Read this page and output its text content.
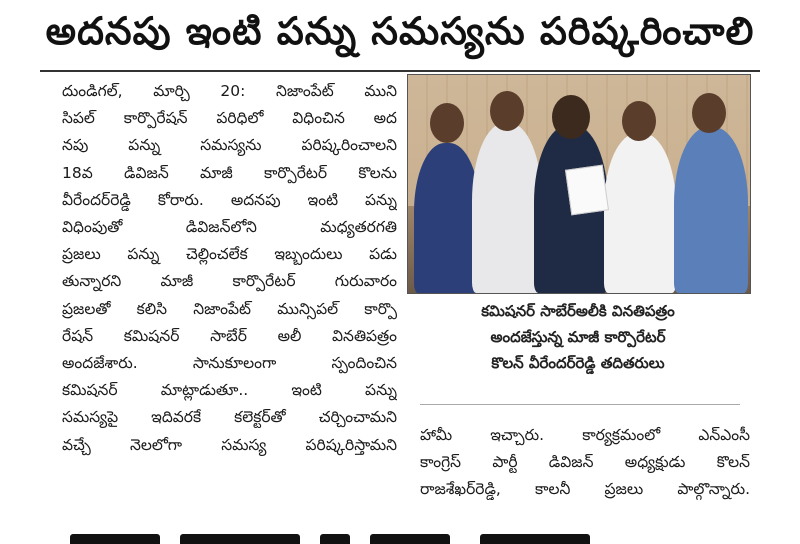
అదనపు ఇంటి పన్ను సమస్యను పరిష్కరించాలి

దుండిగల్, మార్చి 20: నిజాంపేట్ ముని

సిపల్ కార్పొరేషన్ పరిధిలో విధించిన అద

నపు పన్ను సమస్యను పరిష్కరించాలని

18వ డివిజన్ మాజీ కార్పొరేటర్ కొలను

వీరేందర్‌రెడ్డి కోరారు. అదనపు ఇంటి పన్ను

విధింపుతో డివిజన్‌లోని మధ్యతరగతి

ప్రజలు పన్ను చెల్లించలేక ఇబ్బందులు పడు

తున్నారని మాజీ కార్పొరేటర్ గురువారం

ప్రజలతో కలిసి నిజాంపేట్ మున్సిపల్ కార్పొ

రేషన్ కమిషనర్ సాబేర్ అలీ వినతిపత్రం

అందజేశారు. సానుకూలంగా స్పందించిన

కమిషనర్ మాట్లాడుతూ.. ఇంటి పన్ను

సమస్యపై ఇదివరకే కలెక్టర్‌తో చర్చించామని

వచ్చే నెలలోగా సమస్య పరిష్కరిస్తామని

కమిషనర్ సాబేర్‌అలీకి వినతిపత్రం

అందజేస్తున్న మాజీ కార్పొరేటర్

కొలన్ వీరేందర్‌రెడ్డి తదితరులు

హామీ ఇచ్చారు. కార్యక్రమంలో ఎన్ఎంసీ

కాంగ్రెస్ పార్టీ డివిజన్ అధ్యక్షుడు కొలన్

రాజశేఖర్‌రెడ్డి, కాలనీ ప్రజలు పాల్గొన్నారు.
